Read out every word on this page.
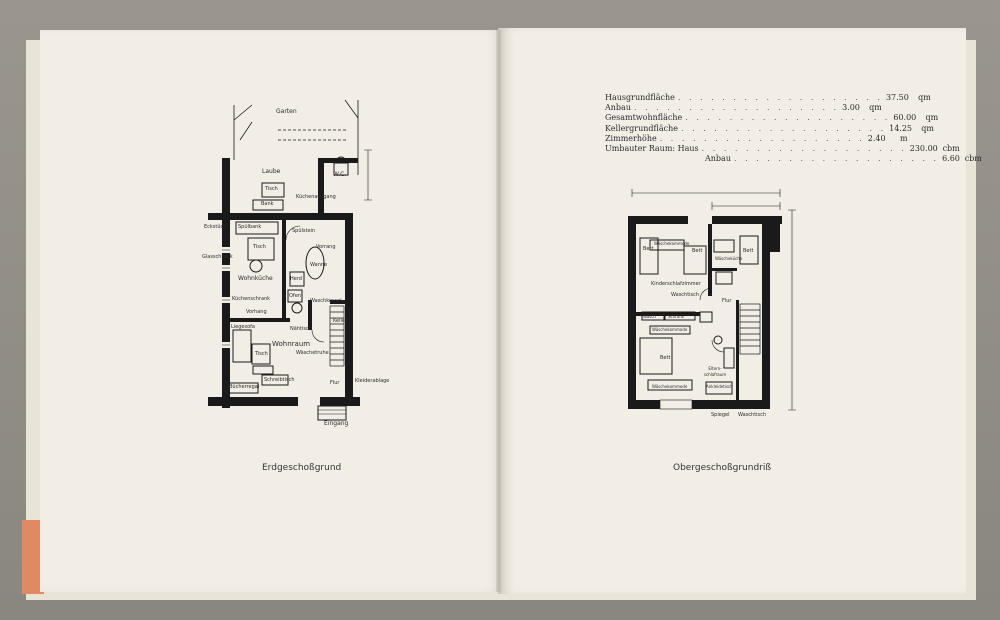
Garten
Laube	W.C.
Tisch
Bank
Küchenausgang
Spülbank
Spülstein
Tisch	Vorrang
Wanne
Wohnküche	Herd
Ofen
Waschkessel
Küchenschrank
Vorhang
Liegesofa	Nähtisch
Wohnraum
Tisch
Keller
Wäschetruhe
Bücherregal
Schreibtisch	Flur	Kleiderablage
Eingang
Eckstück
Glasschrank
Erdgeschoßgrund
Hausgrundfläche . . . . . . . . . . . . . . . . . . . 37.50 qm
Anbau . . . . . . . . . . . . . . . . . . . 3.00 qm
Gesamtwohnfläche . . . . . . . . . . . . . . . . . . . 60.00 qm
Kellergrundfläche . . . . . . . . . . . . . . . . . . . 14.25 qm
Zimmerhöhe . . . . . . . . . . . . . . . . . . . 2.40 m
Umbauter Raum: Haus . . . . . . . . . . . . . . . . . . . 230.00 cbm
Anbau . . . . . . . . . . . . . . . . . . . 6.60 cbm
Bett
Wäschekommode
Bett	Bett
Wäscheküche
Kinderschlafzimmer
Waschtisch
Flur
Wasch	Schrank
Wäschekommode
Bett
Eltern-schlafraum
Wäschekommode	Ankleidetisch
Spiegel Waschtisch
Obergeschoßgrundriß
